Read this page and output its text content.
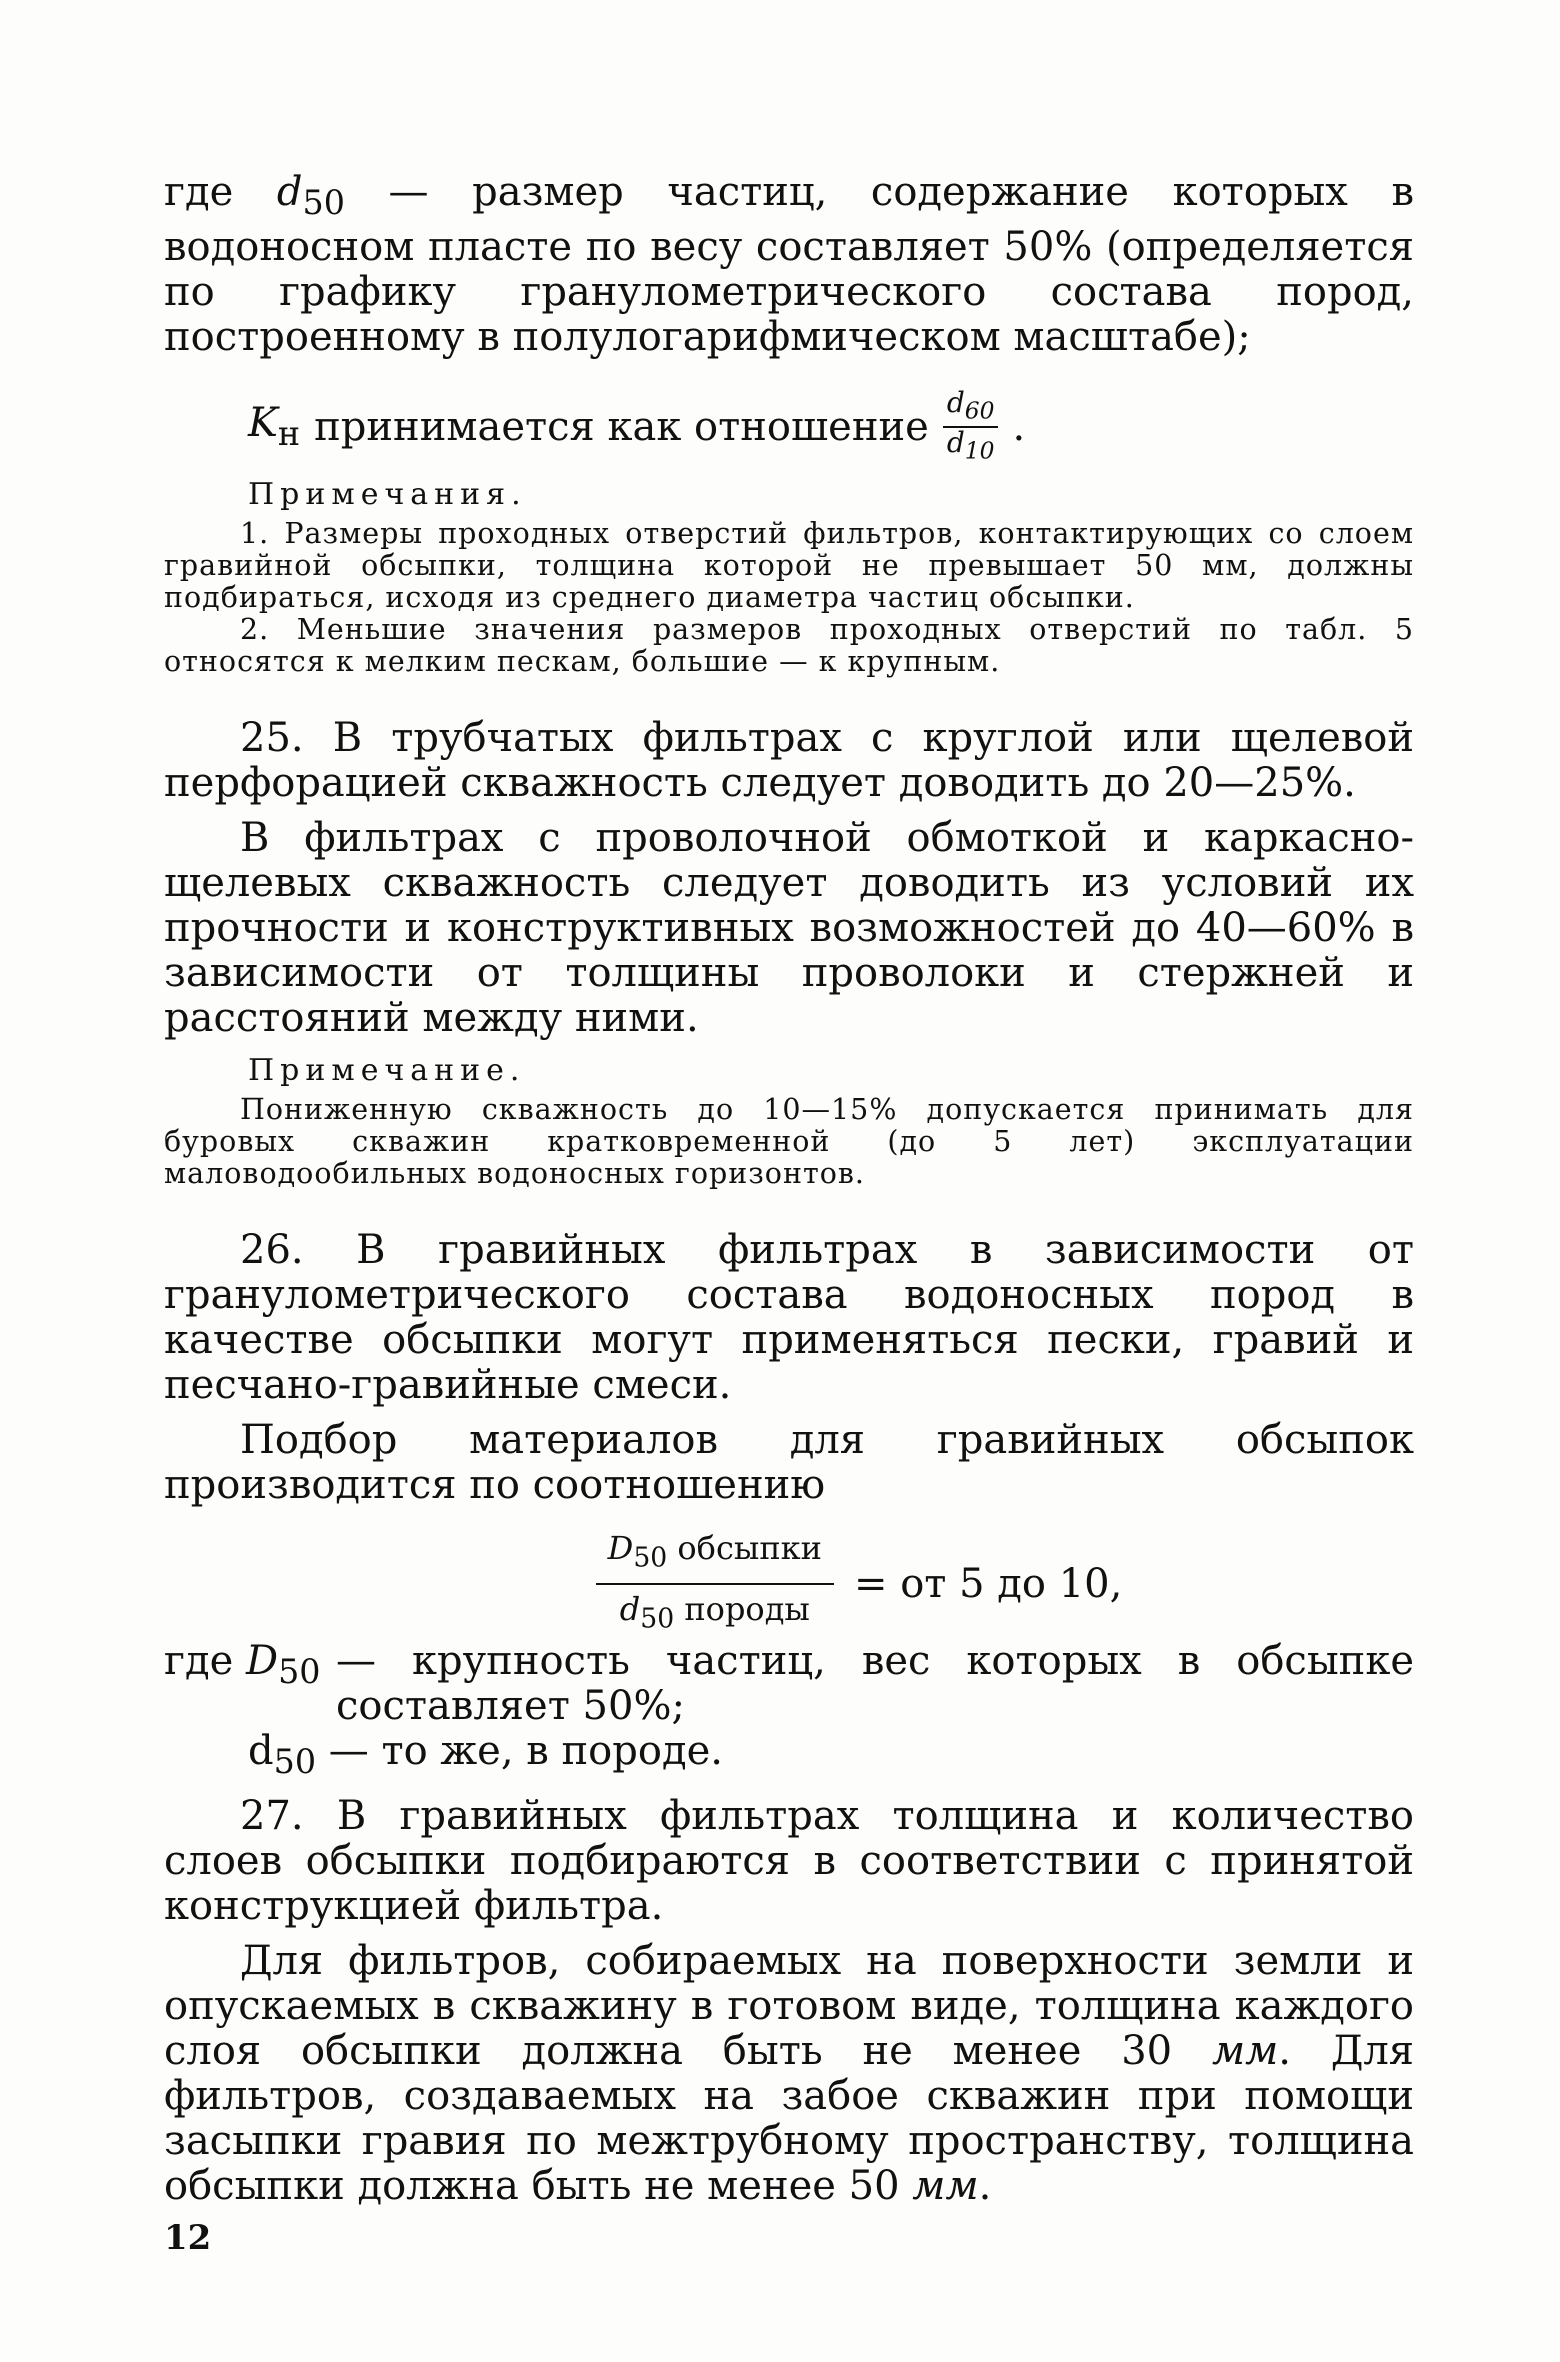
где $d_{50}$ — размер частиц, содержание которых в водоносном пласте по весу составляет 50% (определяется по графику гранулометрического состава пород, построенному в полулогарифмическом масштабе);

$K_н$ принимается как отношение $\frac{d_{60}}{d_{10}}$ .
Примечания.

1. Размеры проходных отверстий фильтров, контактирующих со слоем гравийной обсыпки, толщина которой не превышает 50 мм, должны подбираться, исходя из среднего диаметра частиц обсыпки.

2. Меньшие значения размеров проходных отверстий по табл. 5 относятся к мелким пескам, большие — к крупным.

25. В трубчатых фильтрах с круглой или щелевой перфорацией скважность следует доводить до 20—25%.

В фильтрах с проволочной обмоткой и каркасно-щелевых скважность следует доводить из условий их прочности и конструктивных возможностей до 40—60% в зависимости от толщины проволоки и стержней и расстояний между ними.

Примечание.

Пониженную скважность до 10—15% допускается принимать для буровых скважин кратковременной (до 5 лет) эксплуатации маловодообильных водоносных горизонтов.

26. В гравийных фильтрах в зависимости от гранулометрического состава водоносных пород в качестве обсыпки могут применяться пески, гравий и песчано-гравийные смеси.

Подбор материалов для гравийных обсыпок производится по соотношению

$D_{50}$ обсыпки
$d_{50}$ породы
= от 5 до 10,
где $D_{50}$ — крупность частиц, вес которых в обсыпке составляет 50%;

$d_{50}$ — то же, в породе.

27. В гравийных фильтрах толщина и количество слоев обсыпки подбираются в соответствии с принятой конструкцией фильтра.

Для фильтров, собираемых на поверхности земли и опускаемых в скважину в готовом виде, толщина каждого слоя обсыпки должна быть не менее 30 мм. Для фильтров, создаваемых на забое скважин при помощи засыпки гравия по межтрубному пространству, толщина обсыпки должна быть не менее 50 мм.

12
